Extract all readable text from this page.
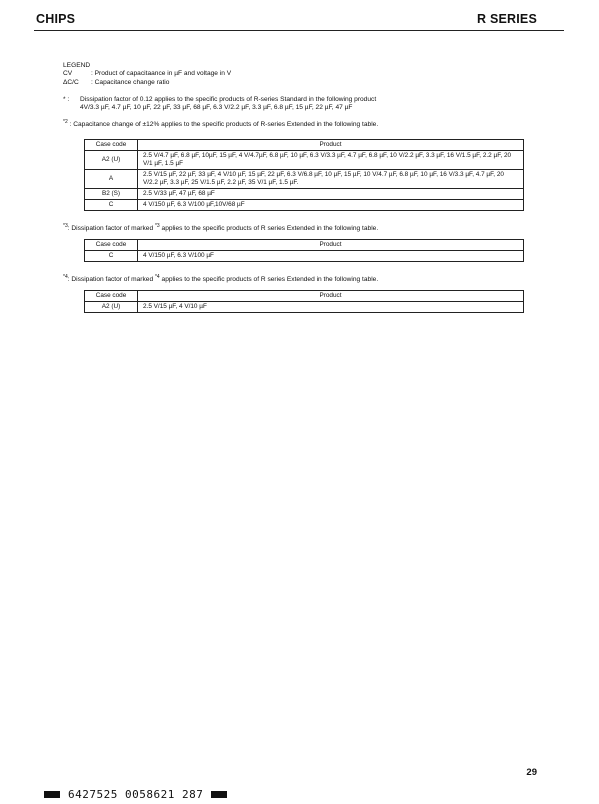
CHIPS	R SERIES
LEGEND
CV	: Product of capacitaance in µF and voltage in V
ΔC/C	: Capacitance change ratio
* : Dissipation factor of 0.12 applies to the specific products of R-series Standard in the following product
4V/3.3 µF, 4.7 µF, 10 µF, 22 µF, 33 µF, 68 µF, 6.3 V/2.2 µF, 3.3 µF, 6.8 µF, 15 µF, 22 µF, 47 µF
$^{*2}$ : Capacitance change of ±12% applies to the specific products of R-series Extended in the following table.
Case code	Product
A2 (U)	2.5 V/4.7 µF, 6.8 µF, 10µF, 15 µF, 4 V/4.7µF, 6.8 µF, 10 µF, 6.3 V/3.3 µF, 4.7 µF, 6.8 µF, 10 V/2.2 µF, 3.3 µF, 16 V/1.5 µF, 2.2 µF, 20 V/1 µF, 1.5 µF
A	2.5 V/15 µF, 22 µF, 33 µF, 4 V/10 µF, 15 µF, 22 µF, 6.3 V/6.8 µF, 10 µF, 15 µF, 10 V/4.7 µF, 6.8 µF, 10 µF, 16 V/3.3 µF, 4.7 µF, 20 V/2.2 µF, 3.3 µF, 25 V/1.5 µF, 2.2 µF, 35 V/1 µF, 1.5 µF.
B2 (S)	2.5 V/33 µF, 47 µF, 68 µF
C	4 V/150 µF, 6.3 V/100 µF,10V/68 µF
$^{*3}$: Dissipation factor of marked $^{*3}$ applies to the specific products of R series Extended in the following table.
Case code	Product
C	4 V/150 µF, 6.3 V/100 µF
$^{*4}$: Dissipation factor of marked $^{*4}$ applies to the specific products of R series Extended in the following table.
Case code	Product
A2 (U)	2.5 V/15 µF, 4 V/10 µF
29
6427525 0058621 287
